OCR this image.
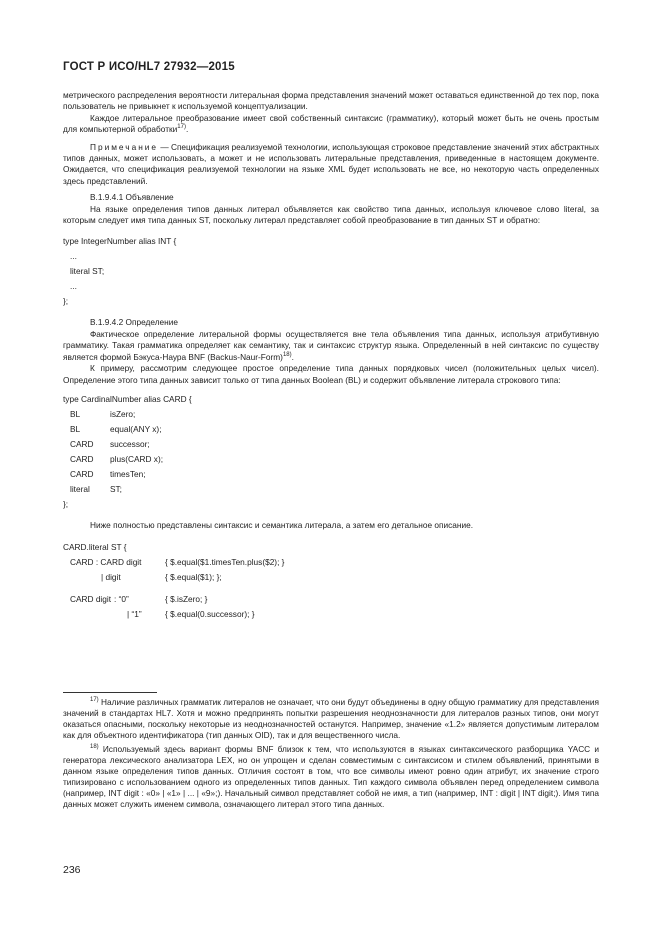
ГОСТ Р ИСО/HL7 27932—2015

метрического распределения вероятности литеральная форма представления значений может оставаться единственной до тех пор, пока пользователь не привыкнет к используемой концептуализации.

Каждое литеральное преобразование имеет свой собственный синтаксис (грамматику), который может быть не очень простым для компьютерной обработки$^{17)}$.

Примечание — Спецификация реализуемой технологии, использующая строковое представление значений этих абстрактных типов данных, может использовать, а может и не использовать литеральные представления, приведенные в настоящем документе. Ожидается, что спецификация реализуемой технологии на языке XML будет использовать не все, но некоторую часть определенных здесь представлений.

B.1.9.4.1 Объявление

На языке определения типов данных литерал объявляется как свойство типа данных, используя ключевое слово literal, за которым следует имя типа данных ST, поскольку литерал представляет собой преобразование в тип данных ST и обратно:

type IntegerNumber alias INT {
...
literal ST;
...
};
B.1.9.4.2 Определение

Фактическое определение литеральной формы осуществляется вне тела объявления типа данных, используя атрибутивную грамматику. Такая грамматика определяет как семантику, так и синтаксис структур языка. Определенный в ней синтаксис по существу является формой Бэкуса-Наура BNF (Backus-Naur-Form)$^{18)}$.

К примеру, рассмотрим следующее простое определение типа данных порядковых чисел (положительных целых чисел). Определение этого типа данных зависит только от типа данных Boolean (BL) и содержит объявление литерала строкового типа:

type CardinalNumber alias CARD {
BL	isZero;
BL	equal(ANY x);
CARD successor;
CARD plus(CARD x);
CARD timesTen;
literal ST;
};

Ниже полностью представлены синтаксис и семантика литерала, а затем его детальное описание.

CARD.literal ST {
CARD : CARD digit	{ $.equal($1.timesTen.plus($2); }
| digit	{ $.equal($1); };
CARD digit : “0”	{ $.isZero; }
| “1”	{ $.equal(0.successor); }

$^{17)}$ Наличие различных грамматик литералов не означает, что они будут объединены в одну общую грамматику для представления значений в стандартах HL7. Хотя и можно предпринять попытки разрешения неоднозначности для литералов разных типов, они могут оказаться опасными, поскольку некоторые из неоднозначностей останутся. Например, значение «1.2» является допустимым литералом как для объектного идентификатора (тип данных OID), так и для вещественного числа.

$^{18)}$ Используемый здесь вариант формы BNF близок к тем, что используются в языках синтаксического разборщика YACC и генератора лексического анализатора LEX, но он упрощен и сделан совместимым с синтаксисом и стилем объявлений, принятыми в данном языке определения типов данных. Отличия состоят в том, что все символы имеют ровно один атрибут, их значение строго типизировано с использованием одного из определенных типов данных. Тип каждого символа объявлен перед определением символа (например, INT digit : «0» | «1» | ... | «9»;). Начальный символ представляет собой не имя, а тип (например, INT : digit | INT digit;). Имя типа данных может служить именем символа, означающего литерал этого типа данных.

236
